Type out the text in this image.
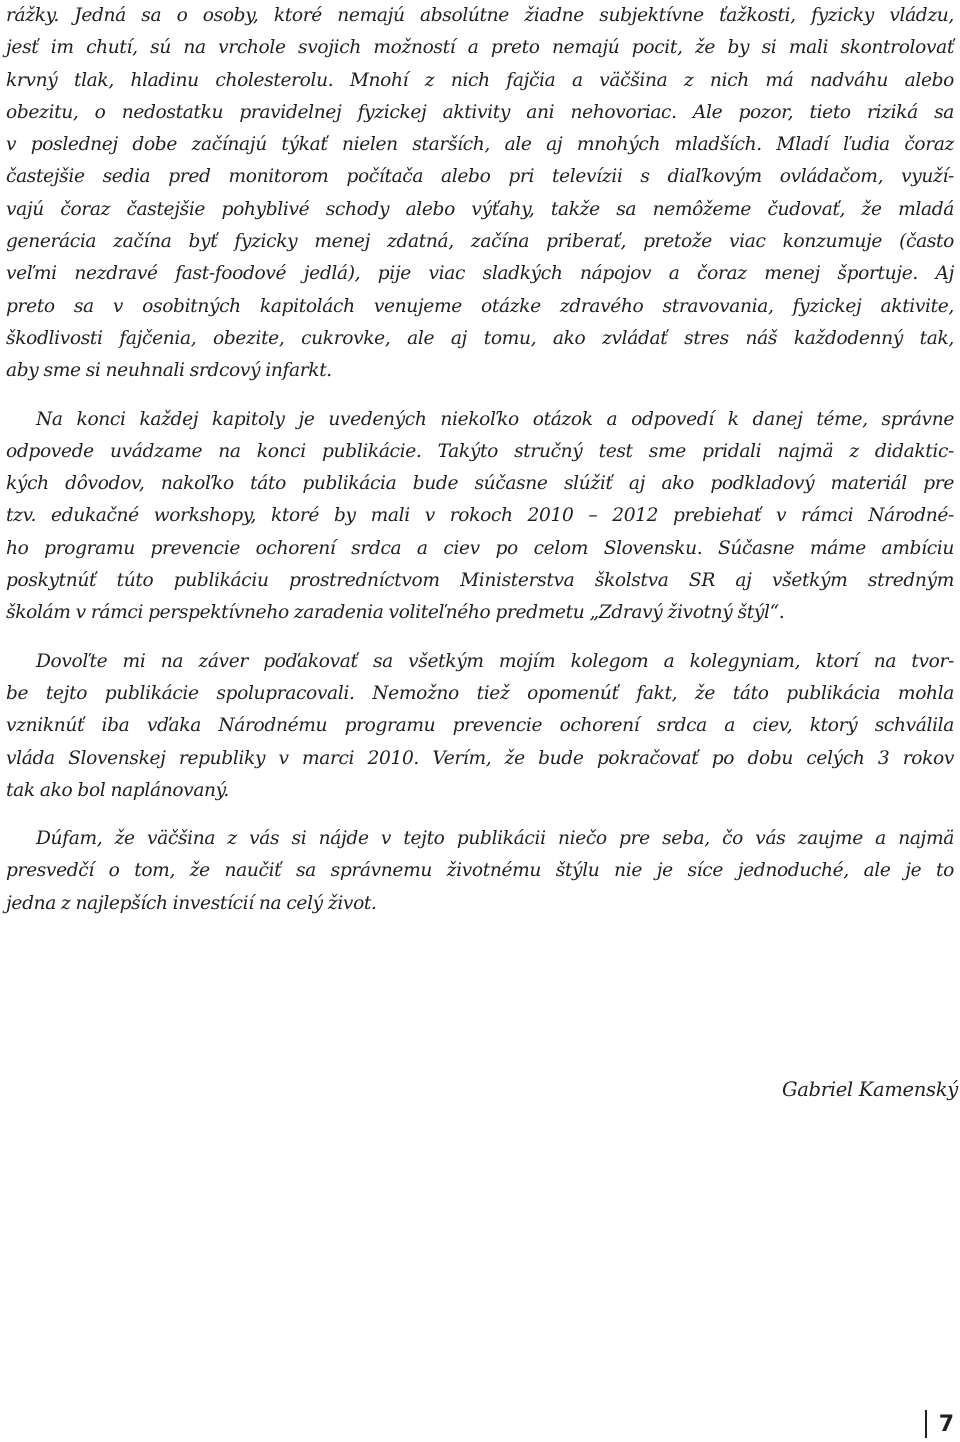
rážky. Jedná sa o osoby, ktoré nemajú absolútne žiadne subjektívne ťažkosti, fyzicky vládzu,
jesť im chutí, sú na vrchole svojich možností a preto nemajú pocit, že by si mali skontrolovať
krvný tlak, hladinu cholesterolu. Mnohí z nich fajčia a väčšina z nich má nadváhu alebo
obezitu, o nedostatku pravidelnej fyzickej aktivity ani nehovoriac. Ale pozor, tieto riziká sa
v poslednej dobe začínajú týkať nielen starších, ale aj mnohých mladších. Mladí ľudia čoraz
častejšie sedia pred monitorom počítača alebo pri televízii s diaľkovým ovládačom, využí-
vajú čoraz častejšie pohyblivé schody alebo výťahy, takže sa nemôžeme čudovať, že mladá
generácia začína byť fyzicky menej zdatná, začína priberať, pretože viac konzumuje (často
veľmi nezdravé fast-foodové jedlá), pije viac sladkých nápojov a čoraz menej športuje. Aj
preto sa v osobitných kapitolách venujeme otázke zdravého stravovania, fyzickej aktivite,
škodlivosti fajčenia, obezite, cukrovke, ale aj tomu, ako zvládať stres náš každodenný tak,
aby sme si neuhnali srdcový infarkt.
Na konci každej kapitoly je uvedených niekoľko otázok a odpovedí k danej téme, správne
odpovede uvádzame na konci publikácie. Takýto stručný test sme pridali najmä z didaktic-
kých dôvodov, nakoľko táto publikácia bude súčasne slúžiť aj ako podkladový materiál pre
tzv. edukačné workshopy, ktoré by mali v rokoch 2010 – 2012 prebiehať v rámci Národné-
ho programu prevencie ochorení srdca a ciev po celom Slovensku. Súčasne máme ambíciu
poskytnúť túto publikáciu prostredníctvom Ministerstva školstva SR aj všetkým stredným
školám v rámci perspektívneho zaradenia voliteľného predmetu „Zdravý životný štýl“.
Dovoľte mi na záver poďakovať sa všetkým mojím kolegom a kolegyniam, ktorí na tvor-
be tejto publikácie spolupracovali. Nemožno tiež opomenúť fakt, že táto publikácia mohla
vzniknúť iba vďaka Národnému programu prevencie ochorení srdca a ciev, ktorý schválila
vláda Slovenskej republiky v marci 2010. Verím, že bude pokračovať po dobu celých 3 rokov
tak ako bol naplánovaný.
Dúfam, že väčšina z vás si nájde v tejto publikácii niečo pre seba, čo vás zaujme a najmä
presvedčí o tom, že naučiť sa správnemu životnému štýlu nie je síce jednoduché, ale je to
jedna z najlepších investícií na celý život.
Gabriel Kamenský
7
